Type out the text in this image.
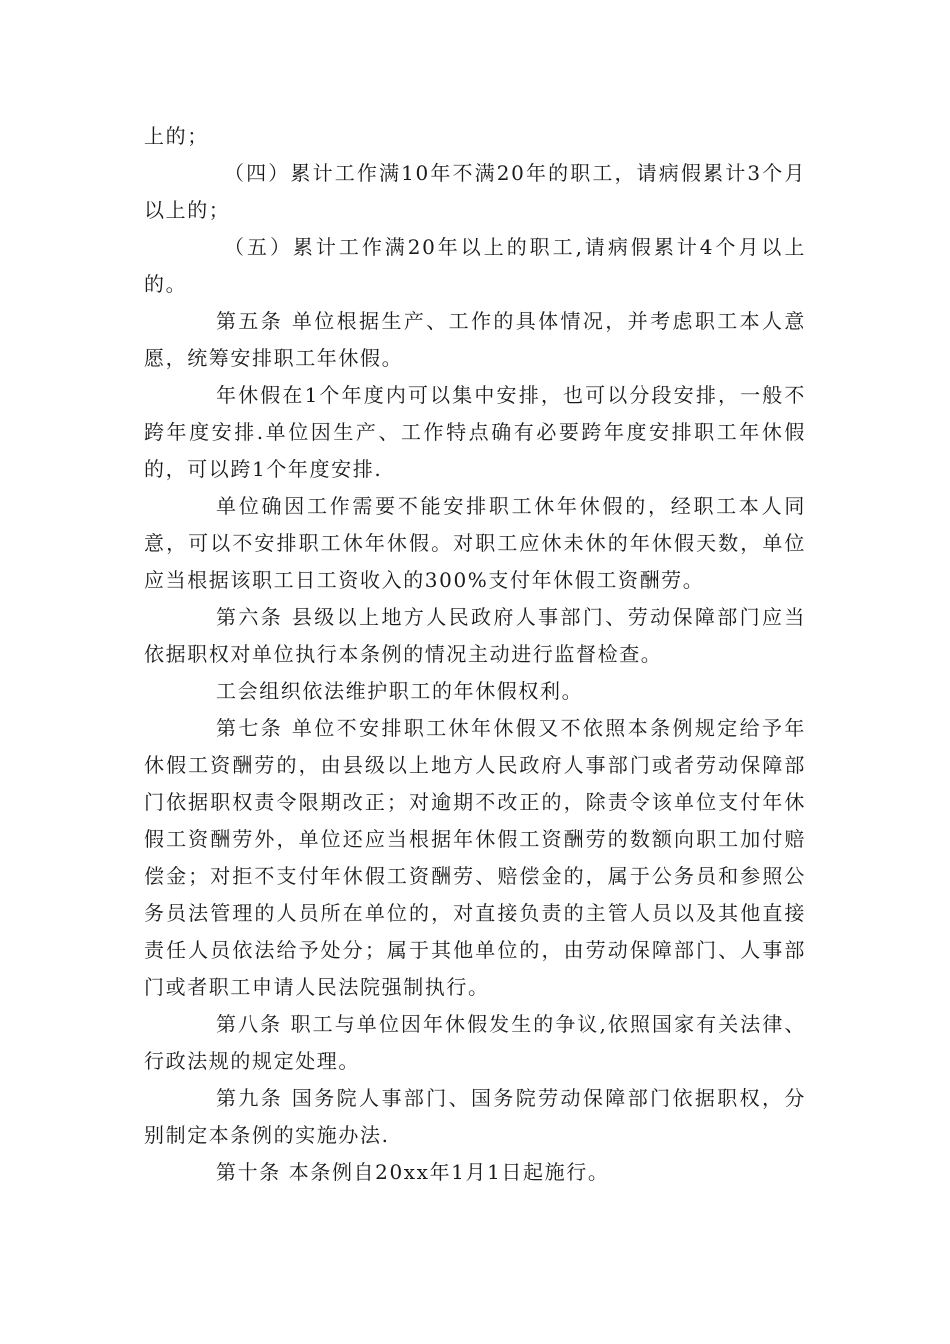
上的；

（四）累计工作满10年不满20年的职工，请病假累计3个月以上的；

（五）累计工作满20年以上的职工,请病假累计4个月以上的。

第五条 单位根据生产、工作的具体情况，并考虑职工本人意愿，统筹安排职工年休假。

年休假在1个年度内可以集中安排，也可以分段安排，一般不跨年度安排.单位因生产、工作特点确有必要跨年度安排职工年休假的，可以跨1个年度安排.

单位确因工作需要不能安排职工休年休假的，经职工本人同意，可以不安排职工休年休假。对职工应休未休的年休假天数，单位应当根据该职工日工资收入的300%支付年休假工资酬劳。

第六条 县级以上地方人民政府人事部门、劳动保障部门应当依据职权对单位执行本条例的情况主动进行监督检查。

工会组织依法维护职工的年休假权利。

第七条 单位不安排职工休年休假又不依照本条例规定给予年休假工资酬劳的，由县级以上地方人民政府人事部门或者劳动保障部门依据职权责令限期改正；对逾期不改正的，除责令该单位支付年休假工资酬劳外，单位还应当根据年休假工资酬劳的数额向职工加付赔偿金；对拒不支付年休假工资酬劳、赔偿金的，属于公务员和参照公务员法管理的人员所在单位的，对直接负责的主管人员以及其他直接责任人员依法给予处分；属于其他单位的，由劳动保障部门、人事部门或者职工申请人民法院强制执行。

第八条 职工与单位因年休假发生的争议,依照国家有关法律、行政法规的规定处理。

第九条 国务院人事部门、国务院劳动保障部门依据职权，分别制定本条例的实施办法.

第十条 本条例自20xx年1月1日起施行。
